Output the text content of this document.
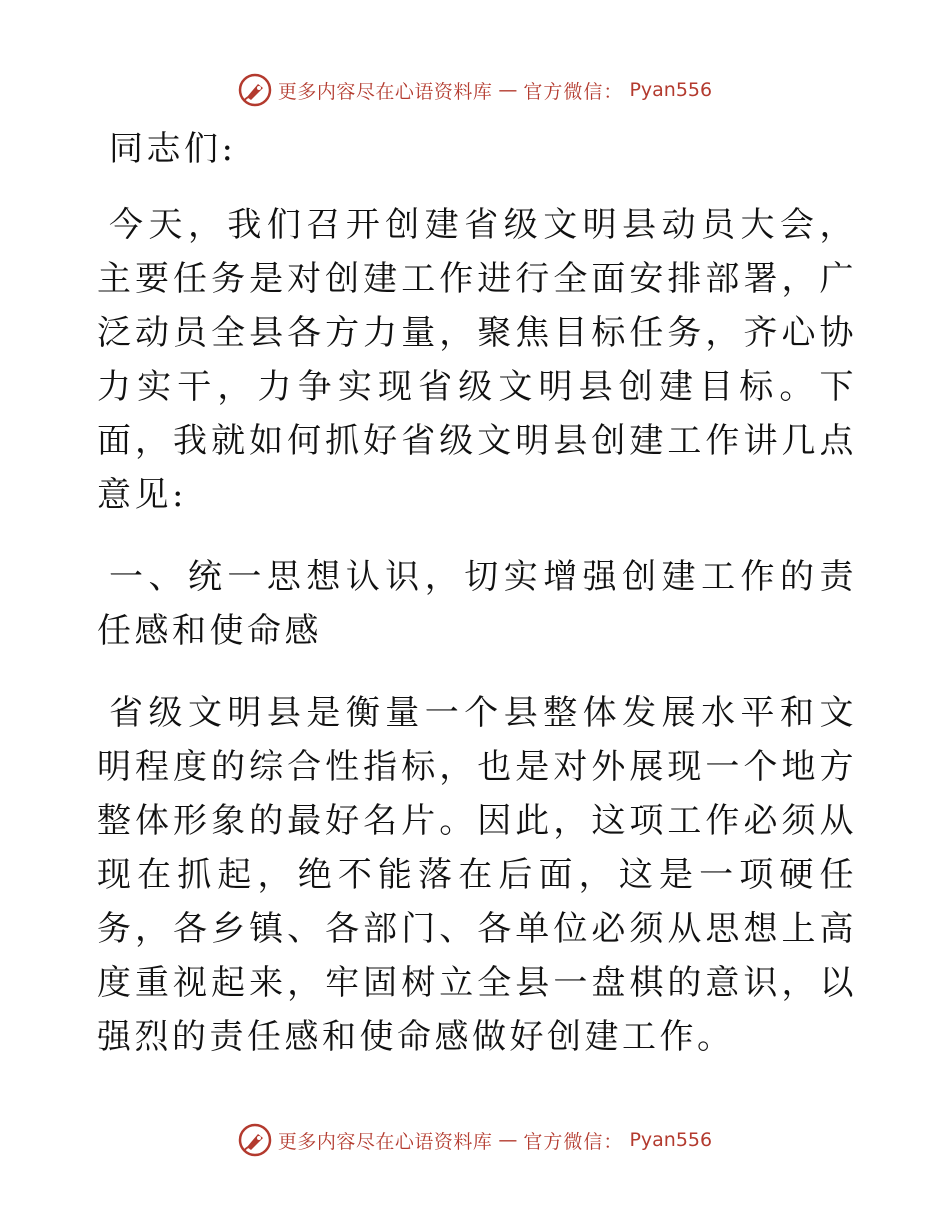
更多内容尽在心语资料库 — 官方微信： Pyan556

同志们:

今天，我们召开创建省级文明县动员大会，主要任务是对创建工作进行全面安排部署，广泛动员全县各方力量，聚焦目标任务，齐心协力实干，力争实现省级文明县创建目标。下面，我就如何抓好省级文明县创建工作讲几点意见:

一、统一思想认识，切实增强创建工作的责任感和使命感

省级文明县是衡量一个县整体发展水平和文明程度的综合性指标，也是对外展现一个地方整体形象的最好名片。因此，这项工作必须从现在抓起，绝不能落在后面，这是一项硬任务，各乡镇、各部门、各单位必须从思想上高度重视起来，牢固树立全县一盘棋的意识，以强烈的责任感和使命感做好创建工作。

更多内容尽在心语资料库 — 官方微信： Pyan556
